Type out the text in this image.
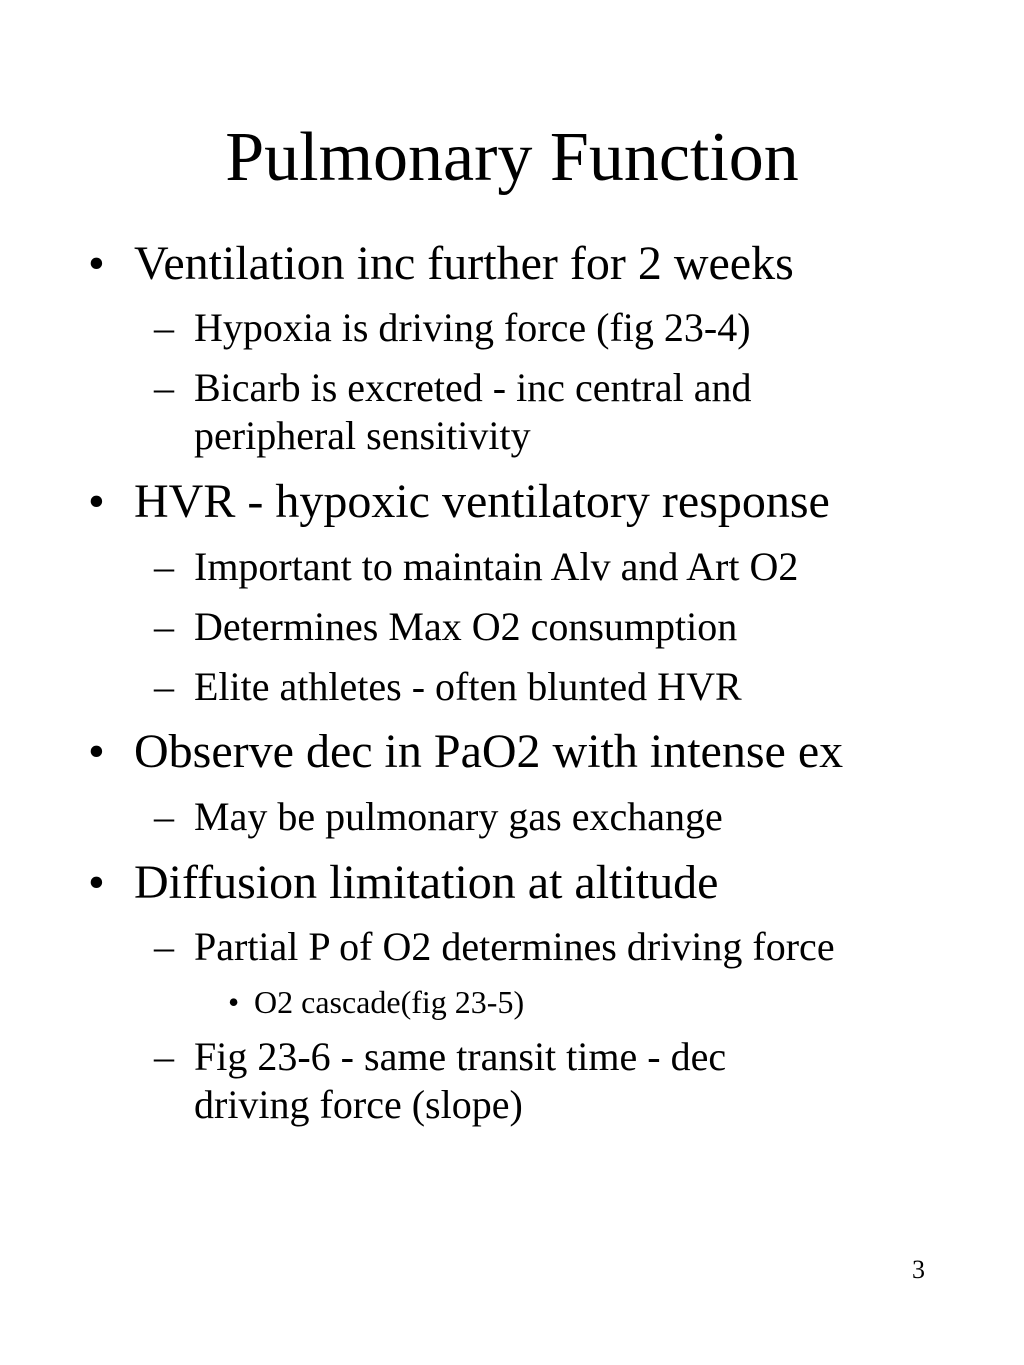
Pulmonary Function
• Ventilation inc further for 2 weeks
– Hypoxia is driving force (fig 23-4)
– Bicarb is excreted - inc central and
peripheral sensitivity
• HVR - hypoxic ventilatory response
– Important to maintain Alv and Art O2
– Determines Max O2 consumption
– Elite athletes - often blunted HVR
• Observe dec in PaO2 with intense ex
– May be pulmonary gas exchange
• Diffusion limitation at altitude
– Partial P of O2 determines driving force
• O2 cascade(fig 23-5)
– Fig 23-6 - same transit time - dec
driving force (slope)
3
